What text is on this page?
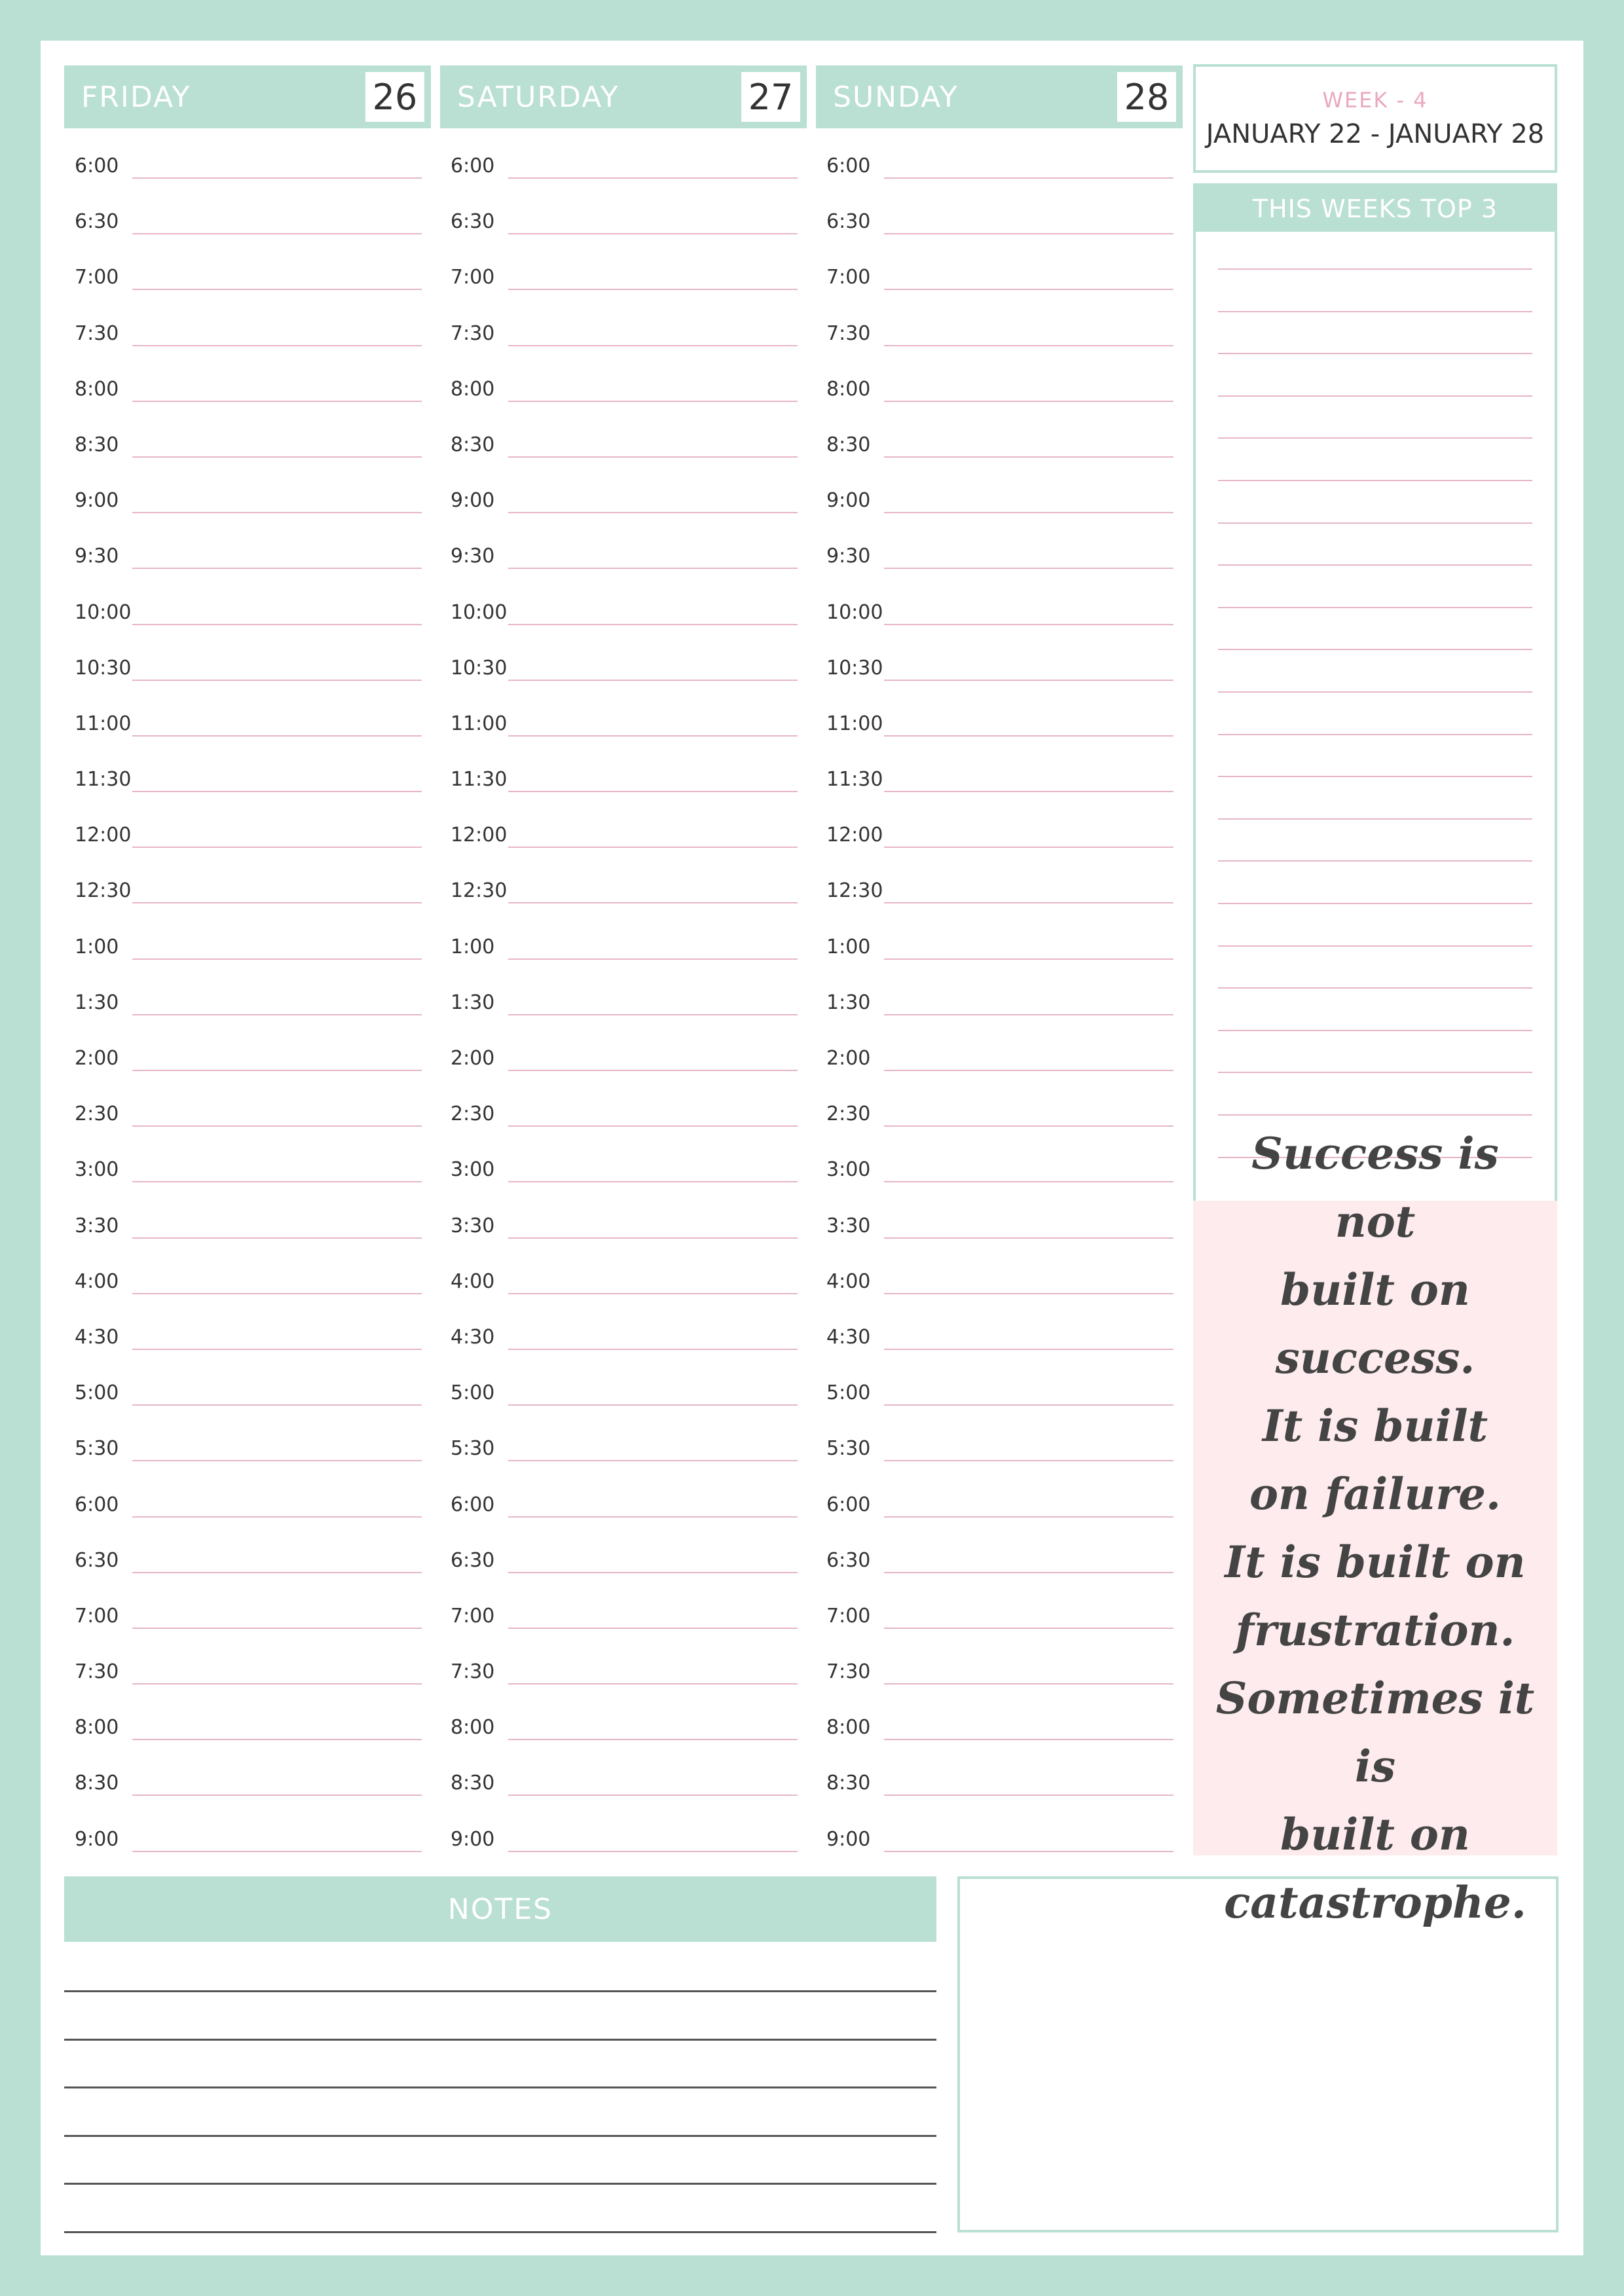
FRIDAY	26
6:00
6:30
7:00
7:30
8:00
8:30
9:00
9:30
10:00
10:30
11:00
11:30
12:00
12:30
1:00
1:30
2:00
2:30
3:00
3:30
4:00
4:30
5:00
5:30
6:00
6:30
7:00
7:30
8:00
8:30
9:00
SATURDAY	27
6:00
6:30
7:00
7:30
8:00
8:30
9:00
9:30
10:00
10:30
11:00
11:30
12:00
12:30
1:00
1:30
2:00
2:30
3:00
3:30
4:00
4:30
5:00
5:30
6:00
6:30
7:00
7:30
8:00
8:30
9:00
SUNDAY	28
6:00
6:30
7:00
7:30
8:00
8:30
9:00
9:30
10:00
10:30
11:00
11:30
12:00
12:30
1:00
1:30
2:00
2:30
3:00
3:30
4:00
4:30
5:00
5:30
6:00
6:30
7:00
7:30
8:00
8:30
9:00
WEEK - 4
JANUARY 22 - JANUARY 28
THIS WEEKS TOP 3
Success is not
built on success.
It is built
on failure.
It is built on
frustration.
Sometimes it is
built on
catastrophe.
NOTES
